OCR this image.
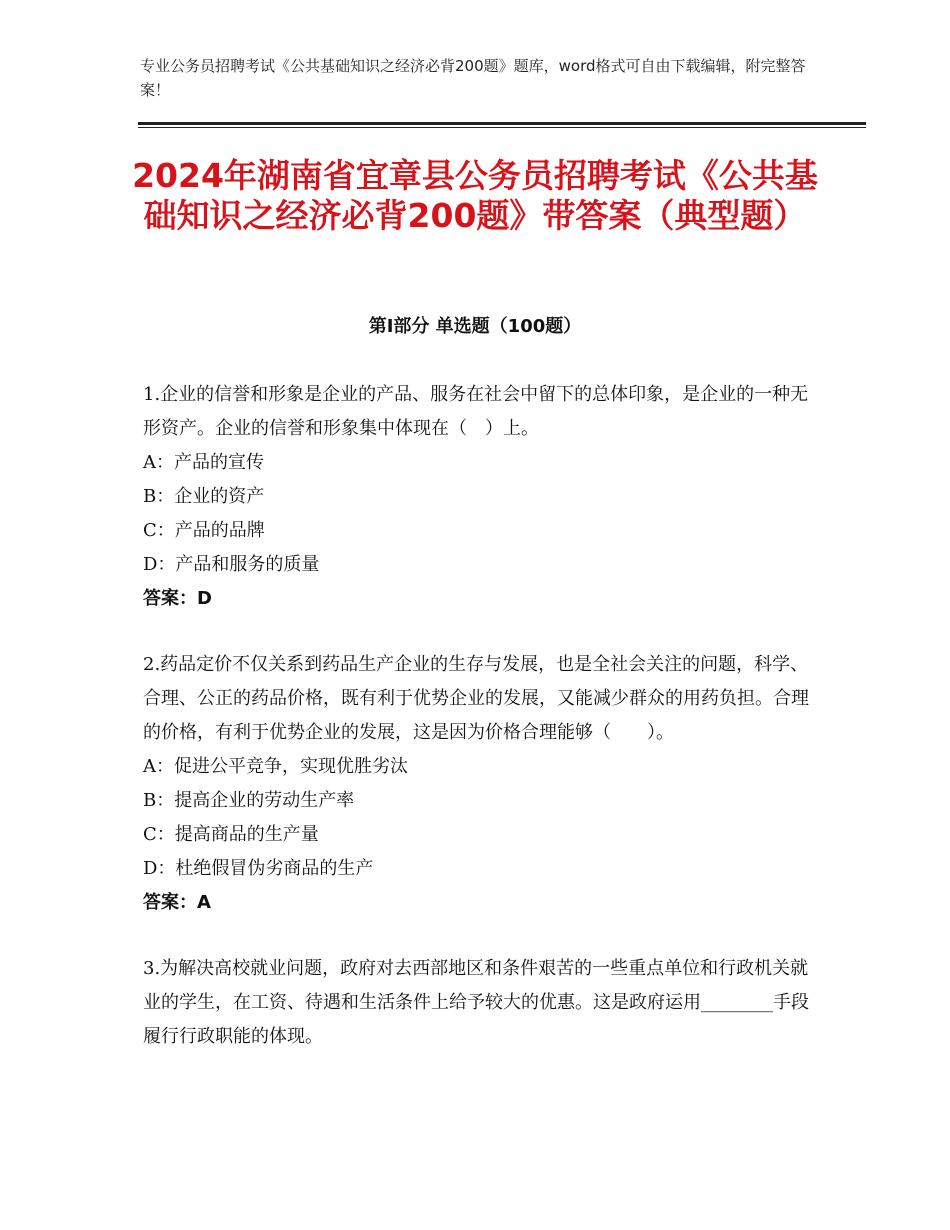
专业公务员招聘考试《公共基础知识之经济必背200题》题库，word格式可自由下载编辑，附完整答案！
2024年湖南省宜章县公务员招聘考试《公共基础知识之经济必背200题》带答案（典型题）
第Ⅰ部分 单选题（100题）
1.企业的信誉和形象是企业的产品、服务在社会中留下的总体印象，是企业的一种无形资产。企业的信誉和形象集中体现在（　）上。
A：产品的宣传
B：企业的资产
C：产品的品牌
D：产品和服务的质量
答案：D
2.药品定价不仅关系到药品生产企业的生存与发展，也是全社会关注的问题，科学、合理、公正的药品价格，既有利于优势企业的发展，又能减少群众的用药负担。合理的价格，有利于优势企业的发展，这是因为价格合理能够（　　）。
A：促进公平竞争，实现优胜劣汰
B：提高企业的劳动生产率
C：提高商品的生产量
D：杜绝假冒伪劣商品的生产
答案：A
3.为解决高校就业问题，政府对去西部地区和条件艰苦的一些重点单位和行政机关就业的学生，在工资、待遇和生活条件上给予较大的优惠。这是政府运用________手段履行行政职能的体现。
